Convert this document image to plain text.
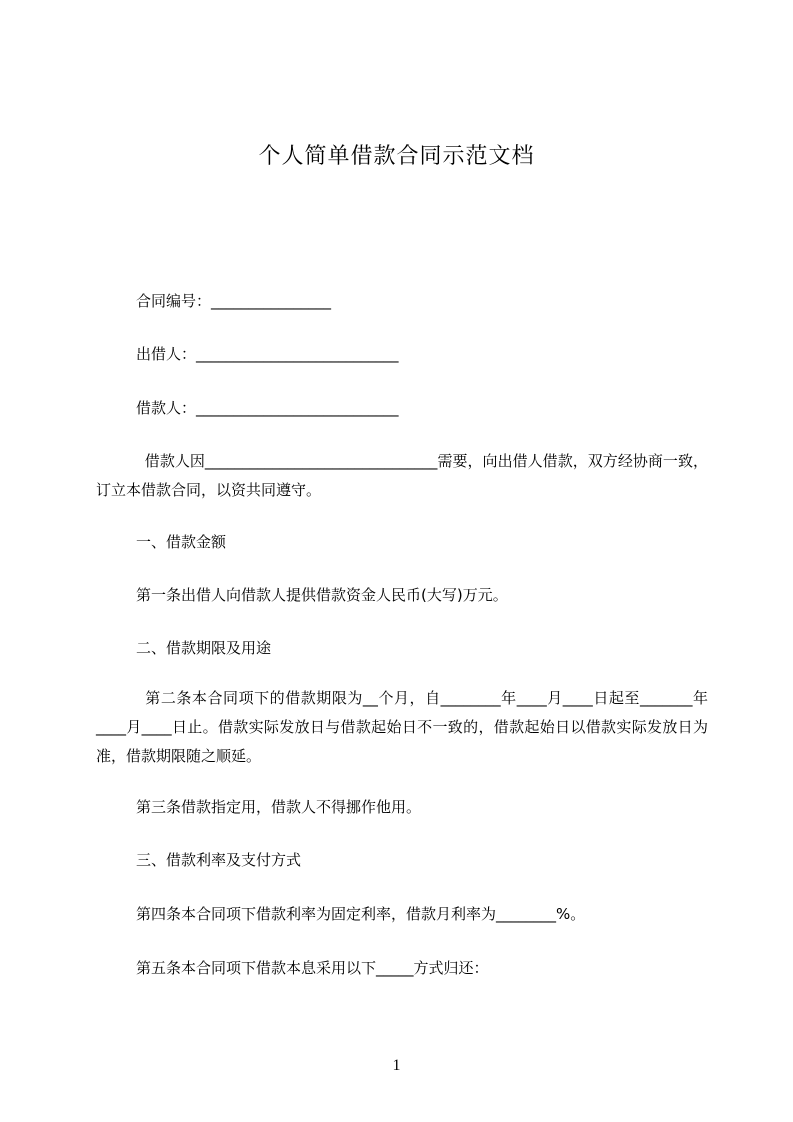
个人简单借款合同示范文档
合同编号：________________
出借人：___________________________
借款人：___________________________
借款人因_______________________________需要，向出借人借款，双方经协商一致，订立本借款合同，以资共同遵守。
一、借款金额
第一条出借人向借款人提供借款资金人民币(大写)万元。
二、借款期限及用途
第二条本合同项下的借款期限为__个月，自________年____月____日起至_______年____月____日止。借款实际发放日与借款起始日不一致的，借款起始日以借款实际发放日为准，借款期限随之顺延。
第三条借款指定用，借款人不得挪作他用。
三、借款利率及支付方式
第四条本合同项下借款利率为固定利率，借款月利率为________%。
第五条本合同项下借款本息采用以下_____方式归还：
1
